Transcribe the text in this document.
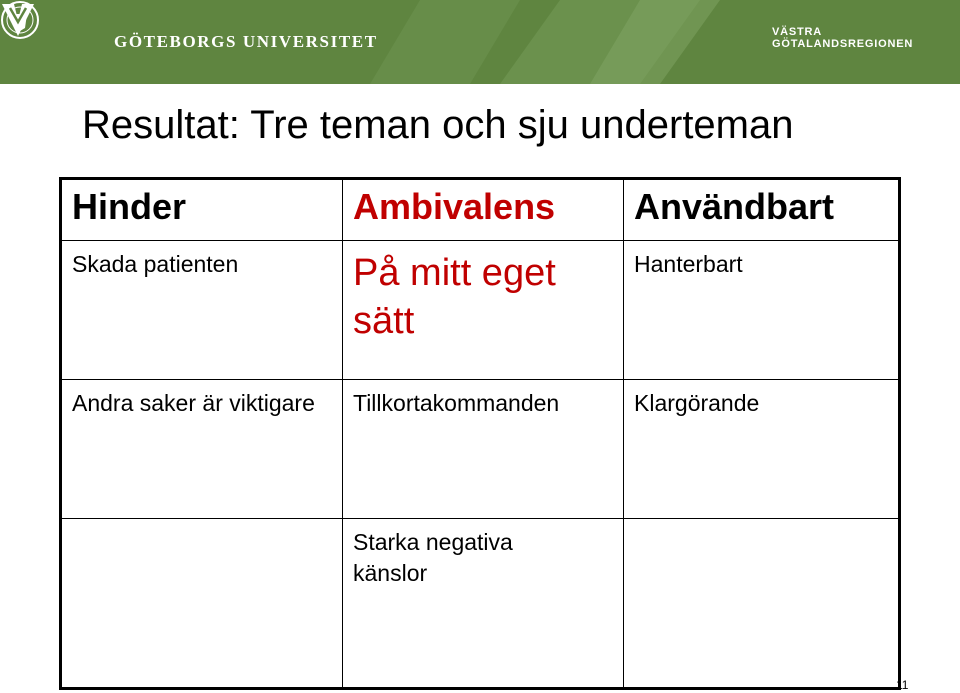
GÖTEBORGS UNIVERSITET	VÄSTRA
GÖTALANDSREGIONEN
Resultat: Tre teman och sju underteman
Hinder	Ambivalens	Användbart

Skada patienten	På mitt eget sätt	Hanterbart

Andra saker är viktigare	Tillkortakommanden	Klargörande

	Starka negativa känslor	

11
